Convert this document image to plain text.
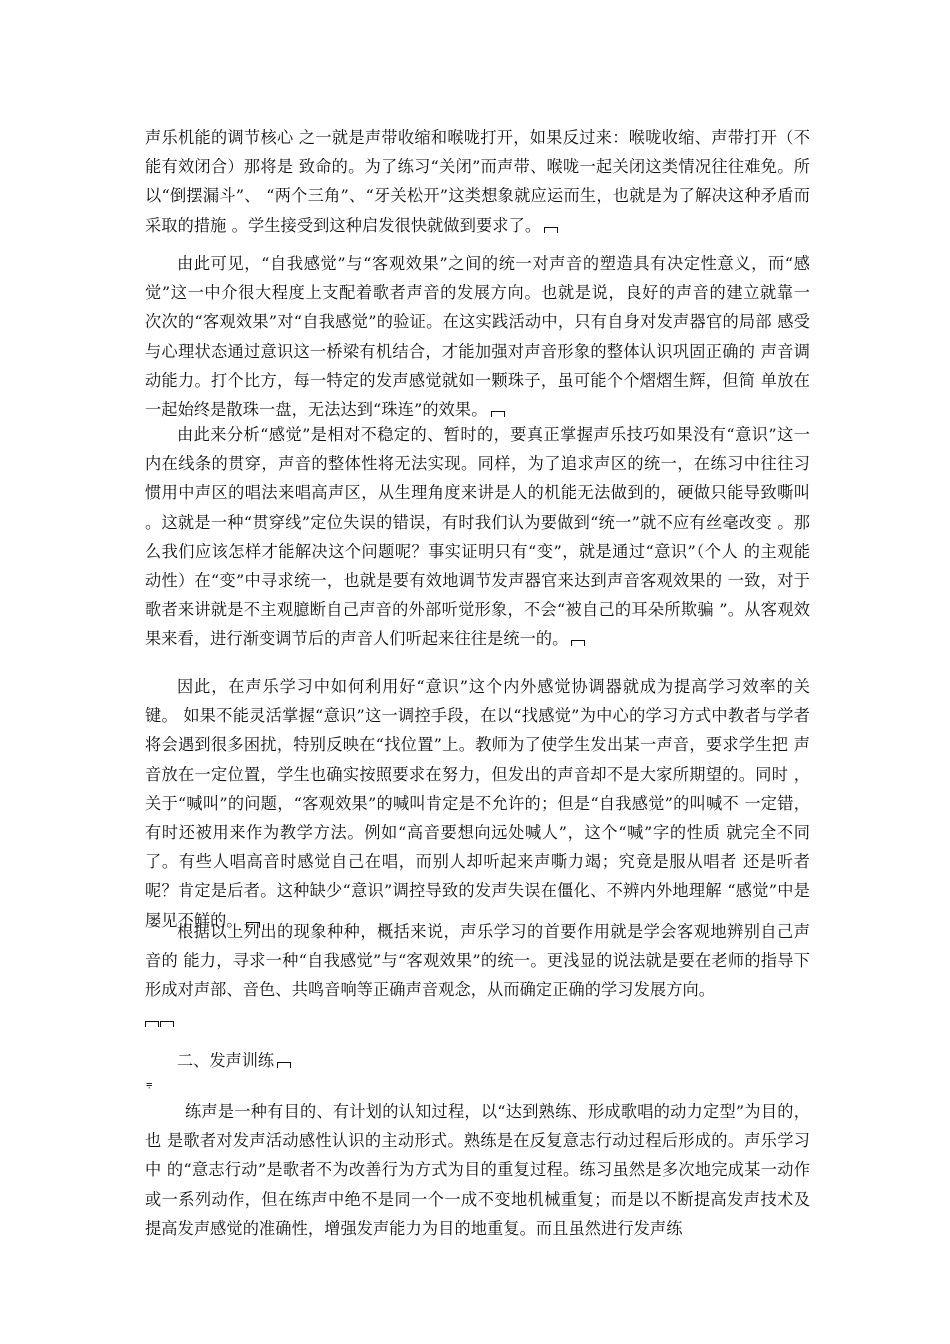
声乐机能的调节核心 之一就是声带收缩和喉咙打开，如果反过来：喉咙收缩、声带打开（不能有效闭合）那将是 致命的。为了练习“关闭”而声带、喉咙一起关闭这类情况往往难免。所以“倒摆漏斗”、 “两个三角”、“牙关松开”这类想象就应运而生，也就是为了解决这种矛盾而采取的措施 。学生接受到这种启发很快就做到要求了。

由此可见，“自我感觉”与“客观效果”之间的统一对声音的塑造具有决定性意义，而“感 觉”这一中介很大程度上支配着歌者声音的发展方向。也就是说，良好的声音的建立就靠一 次次的“客观效果”对“自我感觉”的验证。在这实践活动中，只有自身对发声器官的局部 感受与心理状态通过意识这一桥梁有机结合，才能加强对声音形象的整体认识巩固正确的 声音调动能力。打个比方，每一特定的发声感觉就如一颗珠子，虽可能个个熠熠生辉，但简 单放在一起始终是散珠一盘，无法达到“珠连”的效果。

由此来分析“感觉”是相对不稳定的、暂时的，要真正掌握声乐技巧如果没有“意识”这一 内在线条的贯穿，声音的整体性将无法实现。同样，为了追求声区的统一，在练习中往往习 惯用中声区的唱法来唱高声区，从生理角度来讲是人的机能无法做到的，硬做只能导致嘶叫 。这就是一种“贯穿线”定位失误的错误，有时我们认为要做到“统一”就不应有丝毫改变 。那么我们应该怎样才能解决这个问题呢？事实证明只有“变”，就是通过“意识”（个人 的主观能动性）在“变”中寻求统一，也就是要有效地调节发声器官来达到声音客观效果的 一致，对于歌者来讲就是不主观臆断自己声音的外部听觉形象，不会“被自己的耳朵所欺骗 ”。从客观效果来看，进行渐变调节后的声音人们听起来往往是统一的。

因此，在声乐学习中如何利用好“意识”这个内外感觉协调器就成为提高学习效率的关键。 如果不能灵活掌握“意识”这一调控手段，在以“找感觉”为中心的学习方式中教者与学者 将会遇到很多困扰，特别反映在“找位置”上。教师为了使学生发出某一声音，要求学生把 声音放在一定位置，学生也确实按照要求在努力，但发出的声音却不是大家所期望的。同时 ，关于“喊叫”的问题，“客观效果”的喊叫肯定是不允许的；但是“自我感觉”的叫喊不 一定错，有时还被用来作为教学方法。例如“高音要想向远处喊人”，这个“喊”字的性质 就完全不同了。有些人唱高音时感觉自己在唱，而别人却听起来声嘶力竭；究竟是服从唱者 还是听者呢？肯定是后者。这种缺少“意识”调控导致的发声失误在僵化、不辨内外地理解 “感觉”中是屡见不鲜的。

根据以上列出的现象种种，概括来说，声乐学习的首要作用就是学会客观地辨别自己声音的 能力，寻求一种“自我感觉”与“客观效果”的统一。更浅显的说法就是要在老师的指导下 形成对声部、音色、共鸣音响等正确声音观念，从而确定正确的学习发展方向。

二、发声训练

⩦

练声是一种有目的、有计划的认知过程，以“达到熟练、形成歌唱的动力定型”为目的，也 是歌者对发声活动感性认识的主动形式。熟练是在反复意志行动过程后形成的。声乐学习中 的“意志行动”是歌者不为改善行为方式为目的重复过程。练习虽然是多次地完成某一动作 或一系列动作，但在练声中绝不是同一个一成不变地机械重复；而是以不断提高发声技术及 提高发声感觉的准确性，增强发声能力为目的地重复。而且虽然进行发声练
